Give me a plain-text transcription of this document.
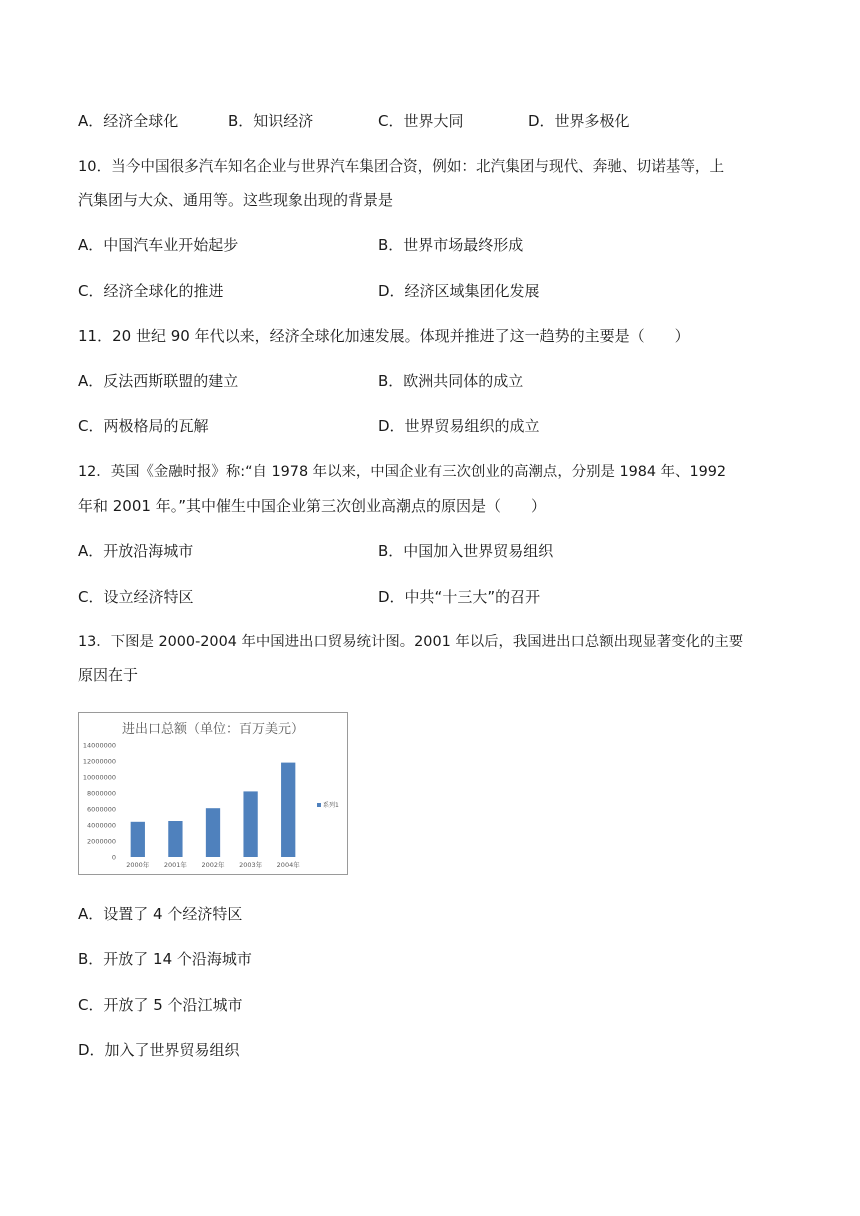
A．经济全球化	B．知识经济	C．世界大同	D．世界多极化
10．当今中国很多汽车知名企业与世界汽车集团合资，例如：北汽集团与现代、奔驰、切诺基等，上
汽集团与大众、通用等。这些现象出现的背景是
A．中国汽车业开始起步	B．世界市场最终形成
C．经济全球化的推进	D．经济区域集团化发展
11．20 世纪 90 年代以来，经济全球化加速发展。体现并推进了这一趋势的主要是（　　）
A．反法西斯联盟的建立	B．欧洲共同体的成立
C．两极格局的瓦解	D．世界贸易组织的成立
12．英国《金融时报》称:“自 1978 年以来，中国企业有三次创业的高潮点，分别是 1984 年、1992
年和 2001 年。”其中催生中国企业第三次创业高潮点的原因是（　　）
A．开放沿海城市	B．中国加入世界贸易组织
C．设立经济特区	D．中共“十三大”的召开
13．下图是 2000-2004 年中国进出口贸易统计图。2001 年以后，我国进出口总额出现显著变化的主要
原因在于
进出口总额（单位：百万美元）
0
2000000
4000000
6000000
8000000
10000000
12000000
14000000
2000年 2001年 2002年 2003年 2004年
系列1
A．设置了 4 个经济特区
B．开放了 14 个沿海城市
C．开放了 5 个沿江城市
D．加入了世界贸易组织
